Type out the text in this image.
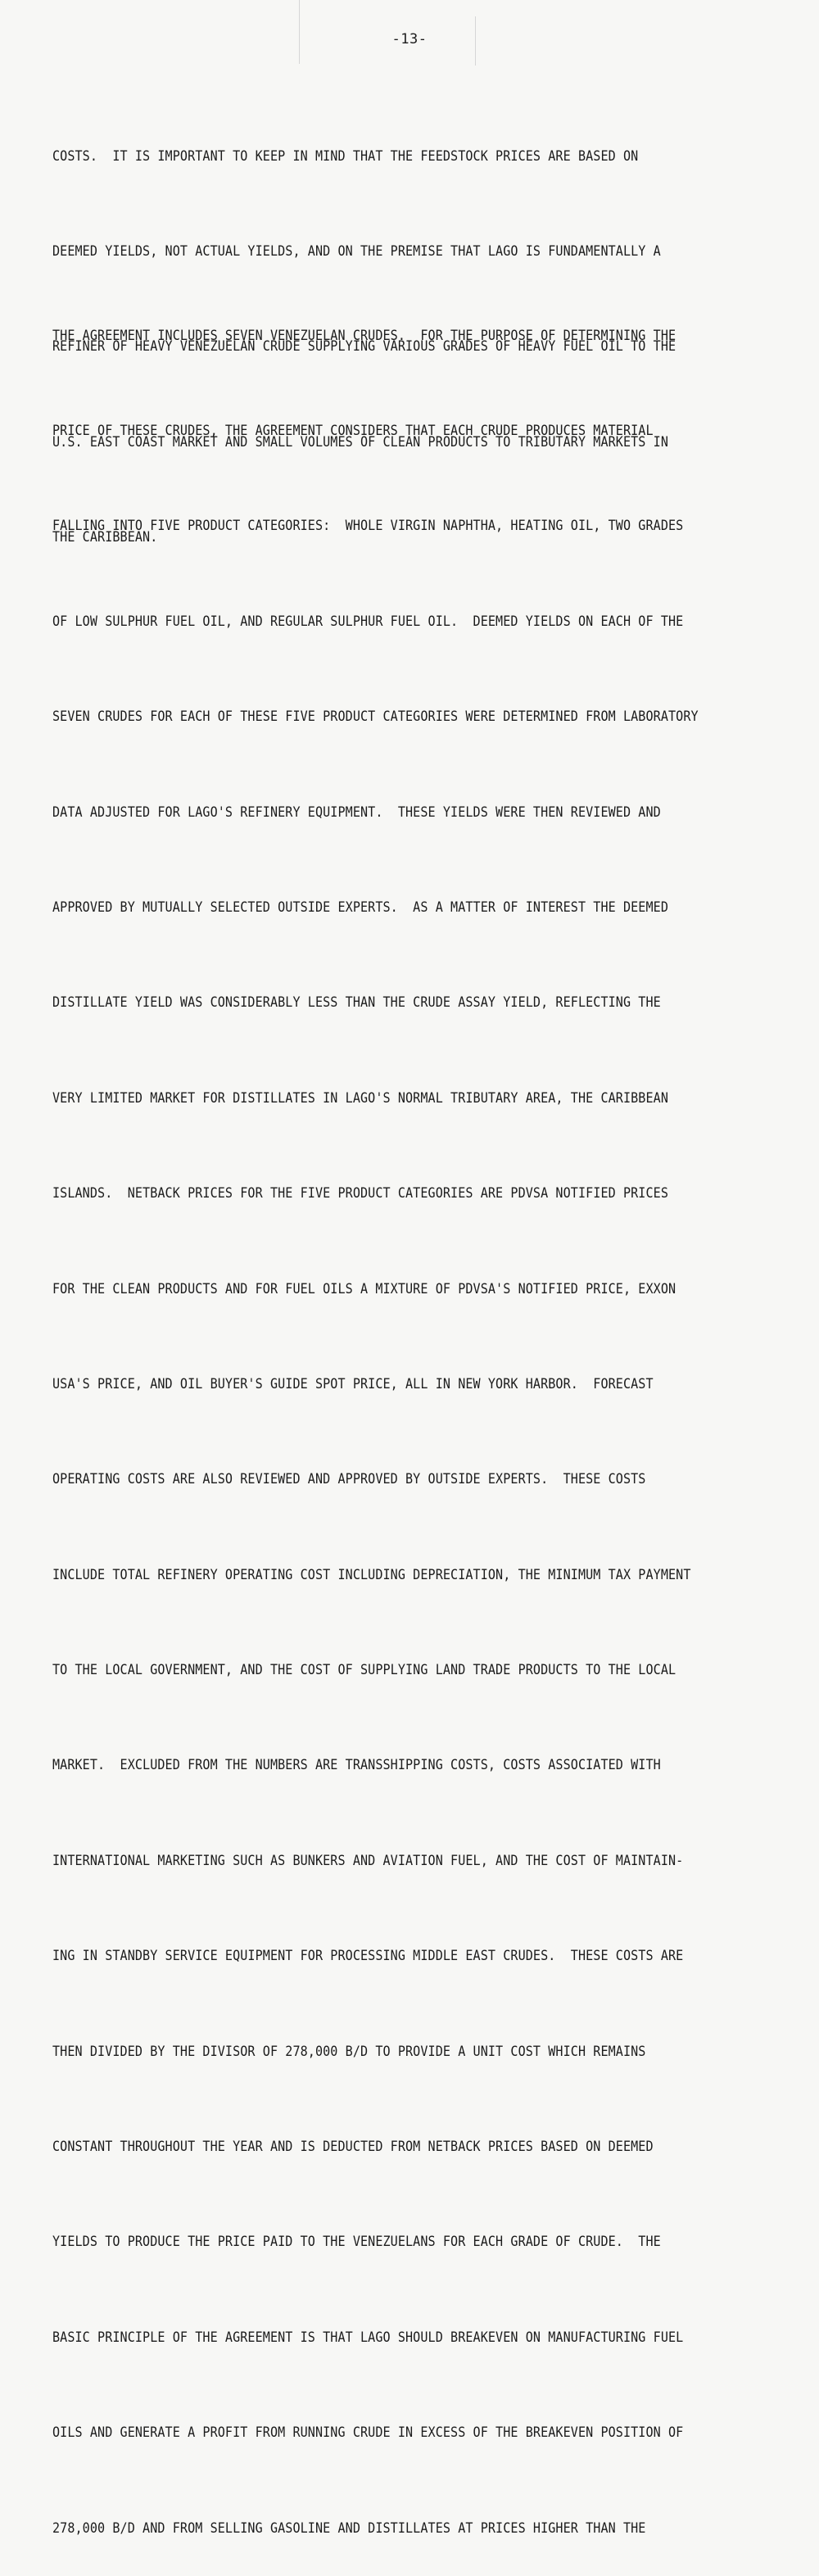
-13-

COSTS.  IT IS IMPORTANT TO KEEP IN MIND THAT THE FEEDSTOCK PRICES ARE BASED ON

DEEMED YIELDS, NOT ACTUAL YIELDS, AND ON THE PREMISE THAT LAGO IS FUNDAMENTALLY A

REFINER OF HEAVY VENEZUELAN CRUDE SUPPLYING VARIOUS GRADES OF HEAVY FUEL OIL TO THE

U.S. EAST COAST MARKET AND SMALL VOLUMES OF CLEAN PRODUCTS TO TRIBUTARY MARKETS IN

THE CARIBBEAN.

THE AGREEMENT INCLUDES SEVEN VENEZUELAN CRUDES.  FOR THE PURPOSE OF DETERMINING THE

PRICE OF THESE CRUDES, THE AGREEMENT CONSIDERS THAT EACH CRUDE PRODUCES MATERIAL

FALLING INTO FIVE PRODUCT CATEGORIES:  WHOLE VIRGIN NAPHTHA, HEATING OIL, TWO GRADES

OF LOW SULPHUR FUEL OIL, AND REGULAR SULPHUR FUEL OIL.  DEEMED YIELDS ON EACH OF THE

SEVEN CRUDES FOR EACH OF THESE FIVE PRODUCT CATEGORIES WERE DETERMINED FROM LABORATORY

DATA ADJUSTED FOR LAGO'S REFINERY EQUIPMENT.  THESE YIELDS WERE THEN REVIEWED AND

APPROVED BY MUTUALLY SELECTED OUTSIDE EXPERTS.  AS A MATTER OF INTEREST THE DEEMED

DISTILLATE YIELD WAS CONSIDERABLY LESS THAN THE CRUDE ASSAY YIELD, REFLECTING THE

VERY LIMITED MARKET FOR DISTILLATES IN LAGO'S NORMAL TRIBUTARY AREA, THE CARIBBEAN

ISLANDS.  NETBACK PRICES FOR THE FIVE PRODUCT CATEGORIES ARE PDVSA NOTIFIED PRICES

FOR THE CLEAN PRODUCTS AND FOR FUEL OILS A MIXTURE OF PDVSA'S NOTIFIED PRICE, EXXON

USA'S PRICE, AND OIL BUYER'S GUIDE SPOT PRICE, ALL IN NEW YORK HARBOR.  FORECAST

OPERATING COSTS ARE ALSO REVIEWED AND APPROVED BY OUTSIDE EXPERTS.  THESE COSTS

INCLUDE TOTAL REFINERY OPERATING COST INCLUDING DEPRECIATION, THE MINIMUM TAX PAYMENT

TO THE LOCAL GOVERNMENT, AND THE COST OF SUPPLYING LAND TRADE PRODUCTS TO THE LOCAL

MARKET.  EXCLUDED FROM THE NUMBERS ARE TRANSSHIPPING COSTS, COSTS ASSOCIATED WITH

INTERNATIONAL MARKETING SUCH AS BUNKERS AND AVIATION FUEL, AND THE COST OF MAINTAIN-

ING IN STANDBY SERVICE EQUIPMENT FOR PROCESSING MIDDLE EAST CRUDES.  THESE COSTS ARE

THEN DIVIDED BY THE DIVISOR OF 278,000 B/D TO PROVIDE A UNIT COST WHICH REMAINS

CONSTANT THROUGHOUT THE YEAR AND IS DEDUCTED FROM NETBACK PRICES BASED ON DEEMED

YIELDS TO PRODUCE THE PRICE PAID TO THE VENEZUELANS FOR EACH GRADE OF CRUDE.  THE

BASIC PRINCIPLE OF THE AGREEMENT IS THAT LAGO SHOULD BREAKEVEN ON MANUFACTURING FUEL

OILS AND GENERATE A PROFIT FROM RUNNING CRUDE IN EXCESS OF THE BREAKEVEN POSITION OF

278,000 B/D AND FROM SELLING GASOLINE AND DISTILLATES AT PRICES HIGHER THAN THE
